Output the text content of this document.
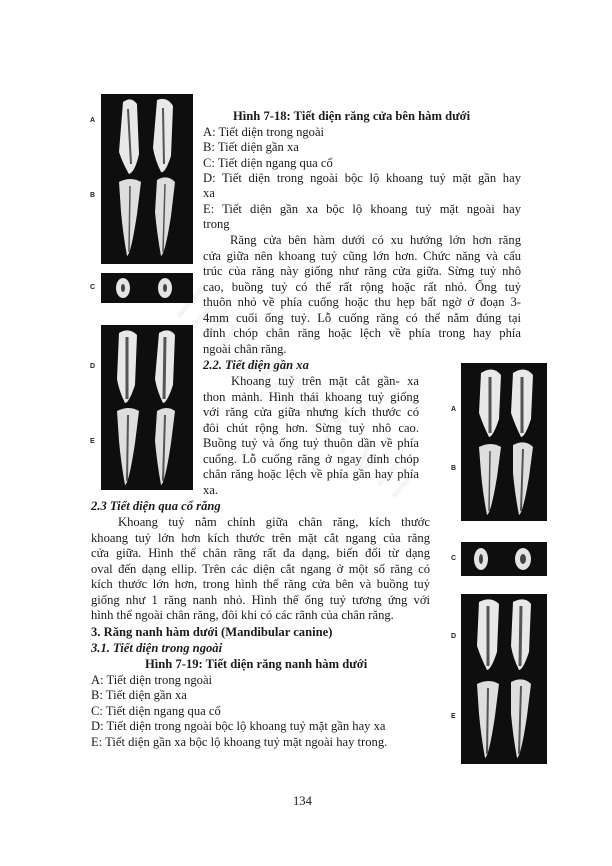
A
B
C
D
E
Hình 7-18: Tiết diện răng cửa bên hàm dưới
A: Tiết diện trong ngoài
B: Tiết diện gần xa
C: Tiết diện ngang qua cổ
D: Tiết diện trong ngoài bộc lộ khoang tuỷ mặt gần hay
xa
E: Tiết diện gần xa bộc lộ khoang tuỷ mặt ngoài hay
trong
Răng cửa bên hàm dưới có xu hướng lớn hơn răng
cửa giữa nên khoang tuỷ cũng lớn hơn. Chức năng và cấu
trúc của răng này giống như răng cửa giữa. Sừng tuỷ nhô
cao, buồng tuỷ có thể rất rộng hoặc rất nhỏ. Ống tuỷ
thuôn nhỏ về phía cuống hoặc thu hẹp bất ngờ ở đoạn 3-
4mm cuối ống tuỷ. Lỗ cuống răng có thể nằm đúng tại
đỉnh chóp chân răng hoặc lệch về phía trong hay phía
ngoài chân răng.
2.2. Tiết diện gần xa
Khoang tuỷ trên mặt cắt gần- xa
thon mảnh. Hình thái khoang tuỷ giống
với răng cửa giữa nhưng kích thước có
đôi chút rộng hơn. Sừng tuỷ nhô cao.
Buồng tuỷ và ống tuỷ thuôn dần về phía
cuống. Lỗ cuống răng ở ngay đỉnh chóp
chân răng hoặc lệch về phía gần hay phía
xa.
2.3 Tiết diện qua cổ răng
Khoang tuỷ nằm chính giữa chân răng, kích thước
khoang tuỷ lớn hơn kích thước trên mặt cắt ngang của răng
cửa giữa. Hình thể chân răng rất đa dạng, biến đổi từ dạng
oval đến dạng ellip. Trên các diện cắt ngang ở một số răng có
kích thước lớn hơn, trong hình thể răng cửa bên và buồng tuỷ
giống như 1 răng nanh nhỏ. Hình thể ống tuỷ tương ứng với
hình thể ngoài chân răng, đôi khi có các rãnh của chân răng.
3. Răng nanh hàm dưới (Mandibular canine)
3.1. Tiết diện trong ngoài
Hình 7-19: Tiết diện răng nanh hàm dưới
A: Tiết diện trong ngoài
B: Tiết diện gần xa
C: Tiết diện ngang qua cổ
D: Tiết diện trong ngoài bộc lộ khoang tuỷ mặt gần hay xa
E: Tiết diện gần xa bộc lộ khoang tuỷ mặt ngoài hay trong.
A
B
C
D
E
134
